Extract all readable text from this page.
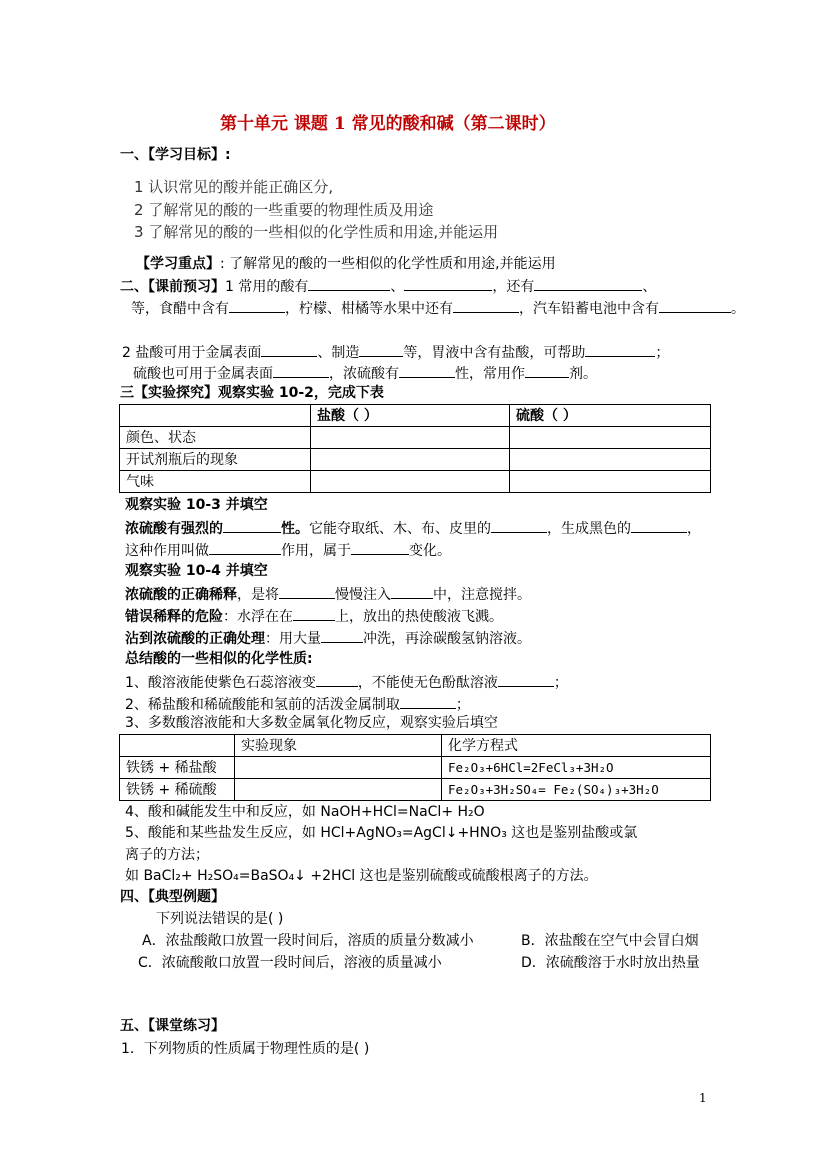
第十单元 课题 1 常见的酸和碱（第二课时）
一、【学习目标】:
1 认识常见的酸并能正确区分,
2 了解常见的酸的一些重要的物理性质及用途
3 了解常见的酸的一些相似的化学性质和用途,并能运用
【学习重点】: 了解常见的酸的一些相似的化学性质和用途,并能运用
二、【课前预习】1 常用的酸有	、	，还有	、
等，食醋中含有	，柠檬、柑橘等水果中还有	，汽车铅蓄电池中含有	。
2 盐酸可用于金属表面	、制造	等，胃液中含有盐酸，可帮助	；
硫酸也可用于金属表面	，浓硫酸有	性，常用作	剂。
三【实验探究】观察实验 10-2，完成下表
	盐酸（ ）	硫酸（ ）
颜色、状态		
开试剂瓶后的现象		
气味		
观察实验 10-3 并填空
浓硫酸有强烈的	性。它能夺取纸、木、布、皮里的	，生成黑色的	，
这种作用叫做	作用，属于	变化。
观察实验 10-4 并填空
浓硫酸的正确稀释，是将	慢慢注入	中，注意搅拌。
错误稀释的危险：水浮在在	上，放出的热使酸液飞溅。
沾到浓硫酸的正确处理：用大量	冲洗，再涂碳酸氢钠溶液。
总结酸的一些相似的化学性质:
1、酸溶液能使紫色石蕊溶液变	，不能使无色酚酞溶液	；
2、稀盐酸和稀硫酸能和氢前的活泼金属制取	；
3、多数酸溶液能和大多数金属氧化物反应，观察实验后填空
	实验现象	化学方程式
铁锈 + 稀盐酸		Fe₂O₃+6HCl=2FeCl₃+3H₂O
铁锈 + 稀硫酸		Fe₂O₃+3H₂SO₄= Fe₂(SO₄)₃+3H₂O
4、酸和碱能发生中和反应，如 NaOH+HCl=NaCl+ H₂O
5、酸能和某些盐发生反应，如 HCl+AgNO₃=AgCl↓+HNO₃ 这也是鉴别盐酸或氯
离子的方法；
如 BaCl₂+ H₂SO₄=BaSO₄↓ +2HCl 这也是鉴别硫酸或硫酸根离子的方法。
四、【典型例题】
下列说法错误的是( )
A．浓盐酸敞口放置一段时间后，溶质的质量分数减小	B．浓盐酸在空气中会冒白烟
C．浓硫酸敞口放置一段时间后，溶液的质量减小	D．浓硫酸溶于水时放出热量
五、【课堂练习】
1．下列物质的性质属于物理性质的是( )
1
